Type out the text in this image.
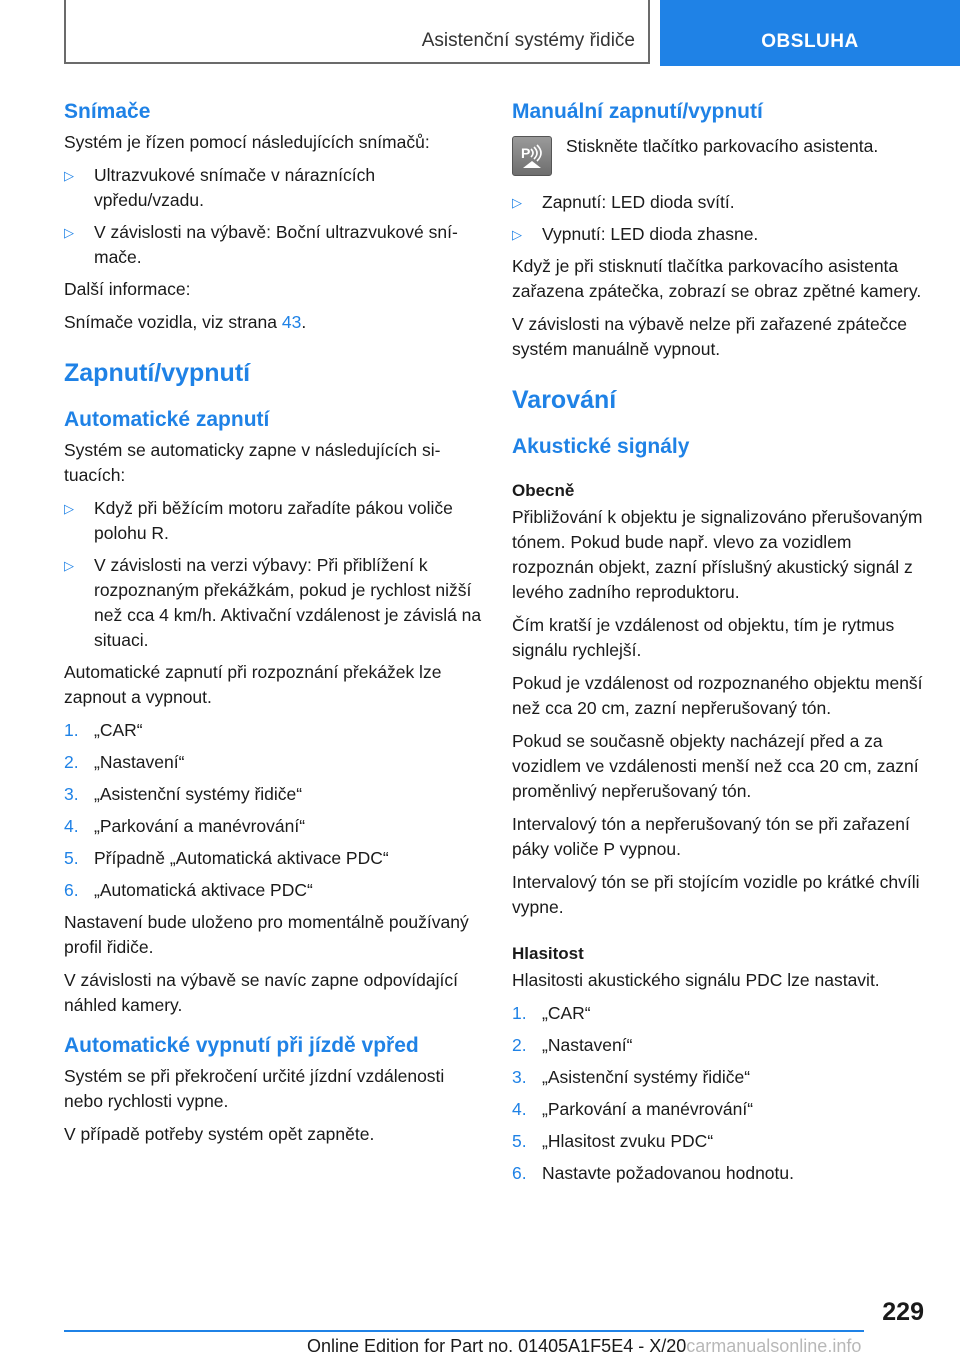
Asistenční systémy řidiče	OBSLUHA
Snímače

Systém je řízen pomocí následujících snímačů:

▷ Ultrazvukové snímače v náraznících vpředu/vzadu.
▷ V závislosti na výbavě: Boční ultrazvukové snímače.

Další informace:

Snímače vozidla, viz strana 43.

Zapnutí/vypnutí
Automatické zapnutí

Systém se automaticky zapne v následujících situacích:

▷ Když při běžícím motoru zařadíte pákou voliče polohu R.
▷ V závislosti na verzi výbavy: Při přiblížení k rozpoznaným překážkám, pokud je rychlost nižší než cca 4 km/h. Aktivační vzdálenost je závislá na situaci.

Automatické zapnutí při rozpoznání překážek lze zapnout a vypnout.

1. „CAR“
2. „Nastavení“
3. „Asistenční systémy řidiče“
4. „Parkování a manévrování“
5. Případně „Automatická aktivace PDC“
6. „Automatická aktivace PDC“

Nastavení bude uloženo pro momentálně používaný profil řidiče.

V závislosti na výbavě se navíc zapne odpovídající náhled kamery.

Automatické vypnutí při jízdě vpřed

Systém se při překročení určité jízdní vzdálenosti nebo rychlosti vypne.

V případě potřeby systém opět zapněte.

Manuální zapnutí/vypnutí
P Stiskněte tlačítko parkovacího asistenta.

▷ Zapnutí: LED dioda svítí.
▷ Vypnutí: LED dioda zhasne.

Když je při stisknutí tlačítka parkovacího asistenta zařazena zpátečka, zobrazí se obraz zpětné kamery.

V závislosti na výbavě nelze při zařazené zpátečce systém manuálně vypnout.

Varování
Akustické signály
Obecně

Přibližování k objektu je signalizováno přerušovaným tónem. Pokud bude např. vlevo za vozidlem rozpoznán objekt, zazní příslušný akustický signál z levého zadního reproduktoru.

Čím kratší je vzdálenost od objektu, tím je rytmus signálu rychlejší.

Pokud je vzdálenost od rozpoznaného objektu menší než cca 20 cm, zazní nepřerušovaný tón.

Pokud se současně objekty nacházejí před a za vozidlem ve vzdálenosti menší než cca 20 cm, zazní proměnlivý nepřerušovaný tón.

Intervalový tón a nepřerušovaný tón se při zařazení páky voliče P vypnou.

Intervalový tón se při stojícím vozidle po krátké chvíli vypne.

Hlasitost

Hlasitosti akustického signálu PDC lze nastavit.

1. „CAR“
2. „Nastavení“
3. „Asistenční systémy řidiče“
4. „Parkování a manévrování“
5. „Hlasitost zvuku PDC“
6. Nastavte požadovanou hodnotu.
229
Online Edition for Part no. 01405A1F5E4 - X/20carmanualsonline.info
